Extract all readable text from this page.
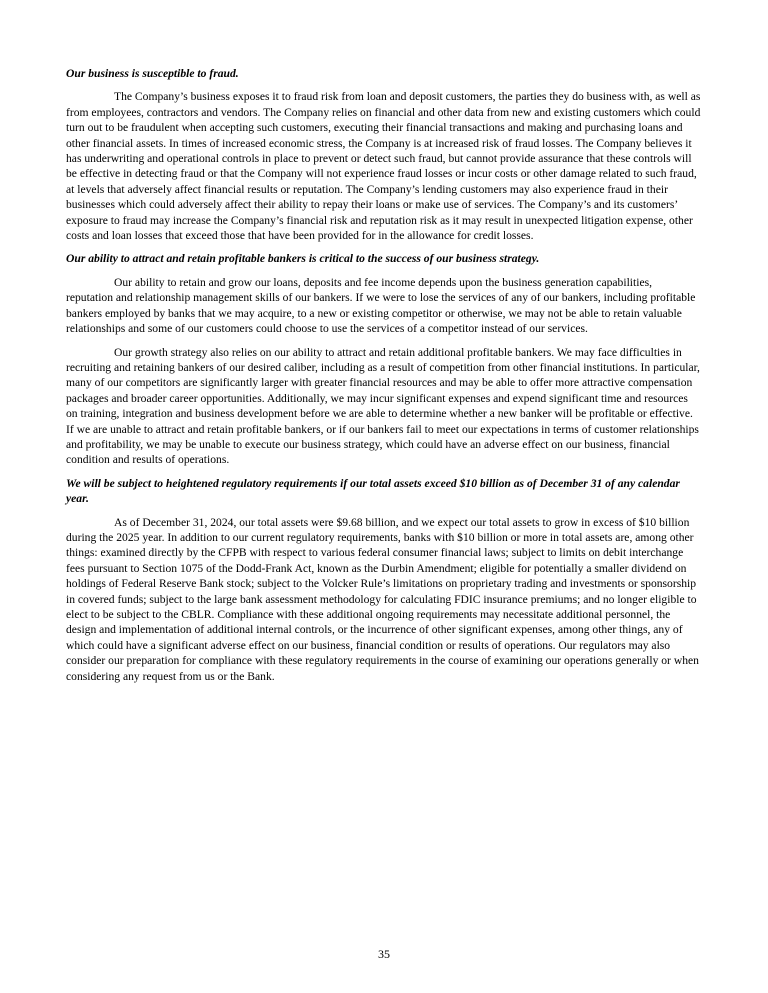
Our business is susceptible to fraud.

The Company’s business exposes it to fraud risk from loan and deposit customers, the parties they do business with, as well as from employees, contractors and vendors. The Company relies on financial and other data from new and existing customers which could turn out to be fraudulent when accepting such customers, executing their financial transactions and making and purchasing loans and other financial assets. In times of increased economic stress, the Company is at increased risk of fraud losses. The Company believes it has underwriting and operational controls in place to prevent or detect such fraud, but cannot provide assurance that these controls will be effective in detecting fraud or that the Company will not experience fraud losses or incur costs or other damage related to such fraud, at levels that adversely affect financial results or reputation. The Company’s lending customers may also experience fraud in their businesses which could adversely affect their ability to repay their loans or make use of services. The Company’s and its customers’ exposure to fraud may increase the Company’s financial risk and reputation risk as it may result in unexpected litigation expense, other costs and loan losses that exceed those that have been provided for in the allowance for credit losses.

Our ability to attract and retain profitable bankers is critical to the success of our business strategy.

Our ability to retain and grow our loans, deposits and fee income depends upon the business generation capabilities, reputation and relationship management skills of our bankers. If we were to lose the services of any of our bankers, including profitable bankers employed by banks that we may acquire, to a new or existing competitor or otherwise, we may not be able to retain valuable relationships and some of our customers could choose to use the services of a competitor instead of our services.

Our growth strategy also relies on our ability to attract and retain additional profitable bankers. We may face difficulties in recruiting and retaining bankers of our desired caliber, including as a result of competition from other financial institutions. In particular, many of our competitors are significantly larger with greater financial resources and may be able to offer more attractive compensation packages and broader career opportunities. Additionally, we may incur significant expenses and expend significant time and resources on training, integration and business development before we are able to determine whether a new banker will be profitable or effective. If we are unable to attract and retain profitable bankers, or if our bankers fail to meet our expectations in terms of customer relationships and profitability, we may be unable to execute our business strategy, which could have an adverse effect on our business, financial condition and results of operations.

We will be subject to heightened regulatory requirements if our total assets exceed $10 billion as of December 31 of any calendar year.

As of December 31, 2024, our total assets were $9.68 billion, and we expect our total assets to grow in excess of $10 billion during the 2025 year. In addition to our current regulatory requirements, banks with $10 billion or more in total assets are, among other things: examined directly by the CFPB with respect to various federal consumer financial laws; subject to limits on debit interchange fees pursuant to Section 1075 of the Dodd-Frank Act, known as the Durbin Amendment; eligible for potentially a smaller dividend on holdings of Federal Reserve Bank stock; subject to the Volcker Rule’s limitations on proprietary trading and investments or sponsorship in covered funds; subject to the large bank assessment methodology for calculating FDIC insurance premiums; and no longer eligible to elect to be subject to the CBLR. Compliance with these additional ongoing requirements may necessitate additional personnel, the design and implementation of additional internal controls, or the incurrence of other significant expenses, among other things, any of which could have a significant adverse effect on our business, financial condition or results of operations. Our regulators may also consider our preparation for compliance with these regulatory requirements in the course of examining our operations generally or when considering any request from us or the Bank.

35
